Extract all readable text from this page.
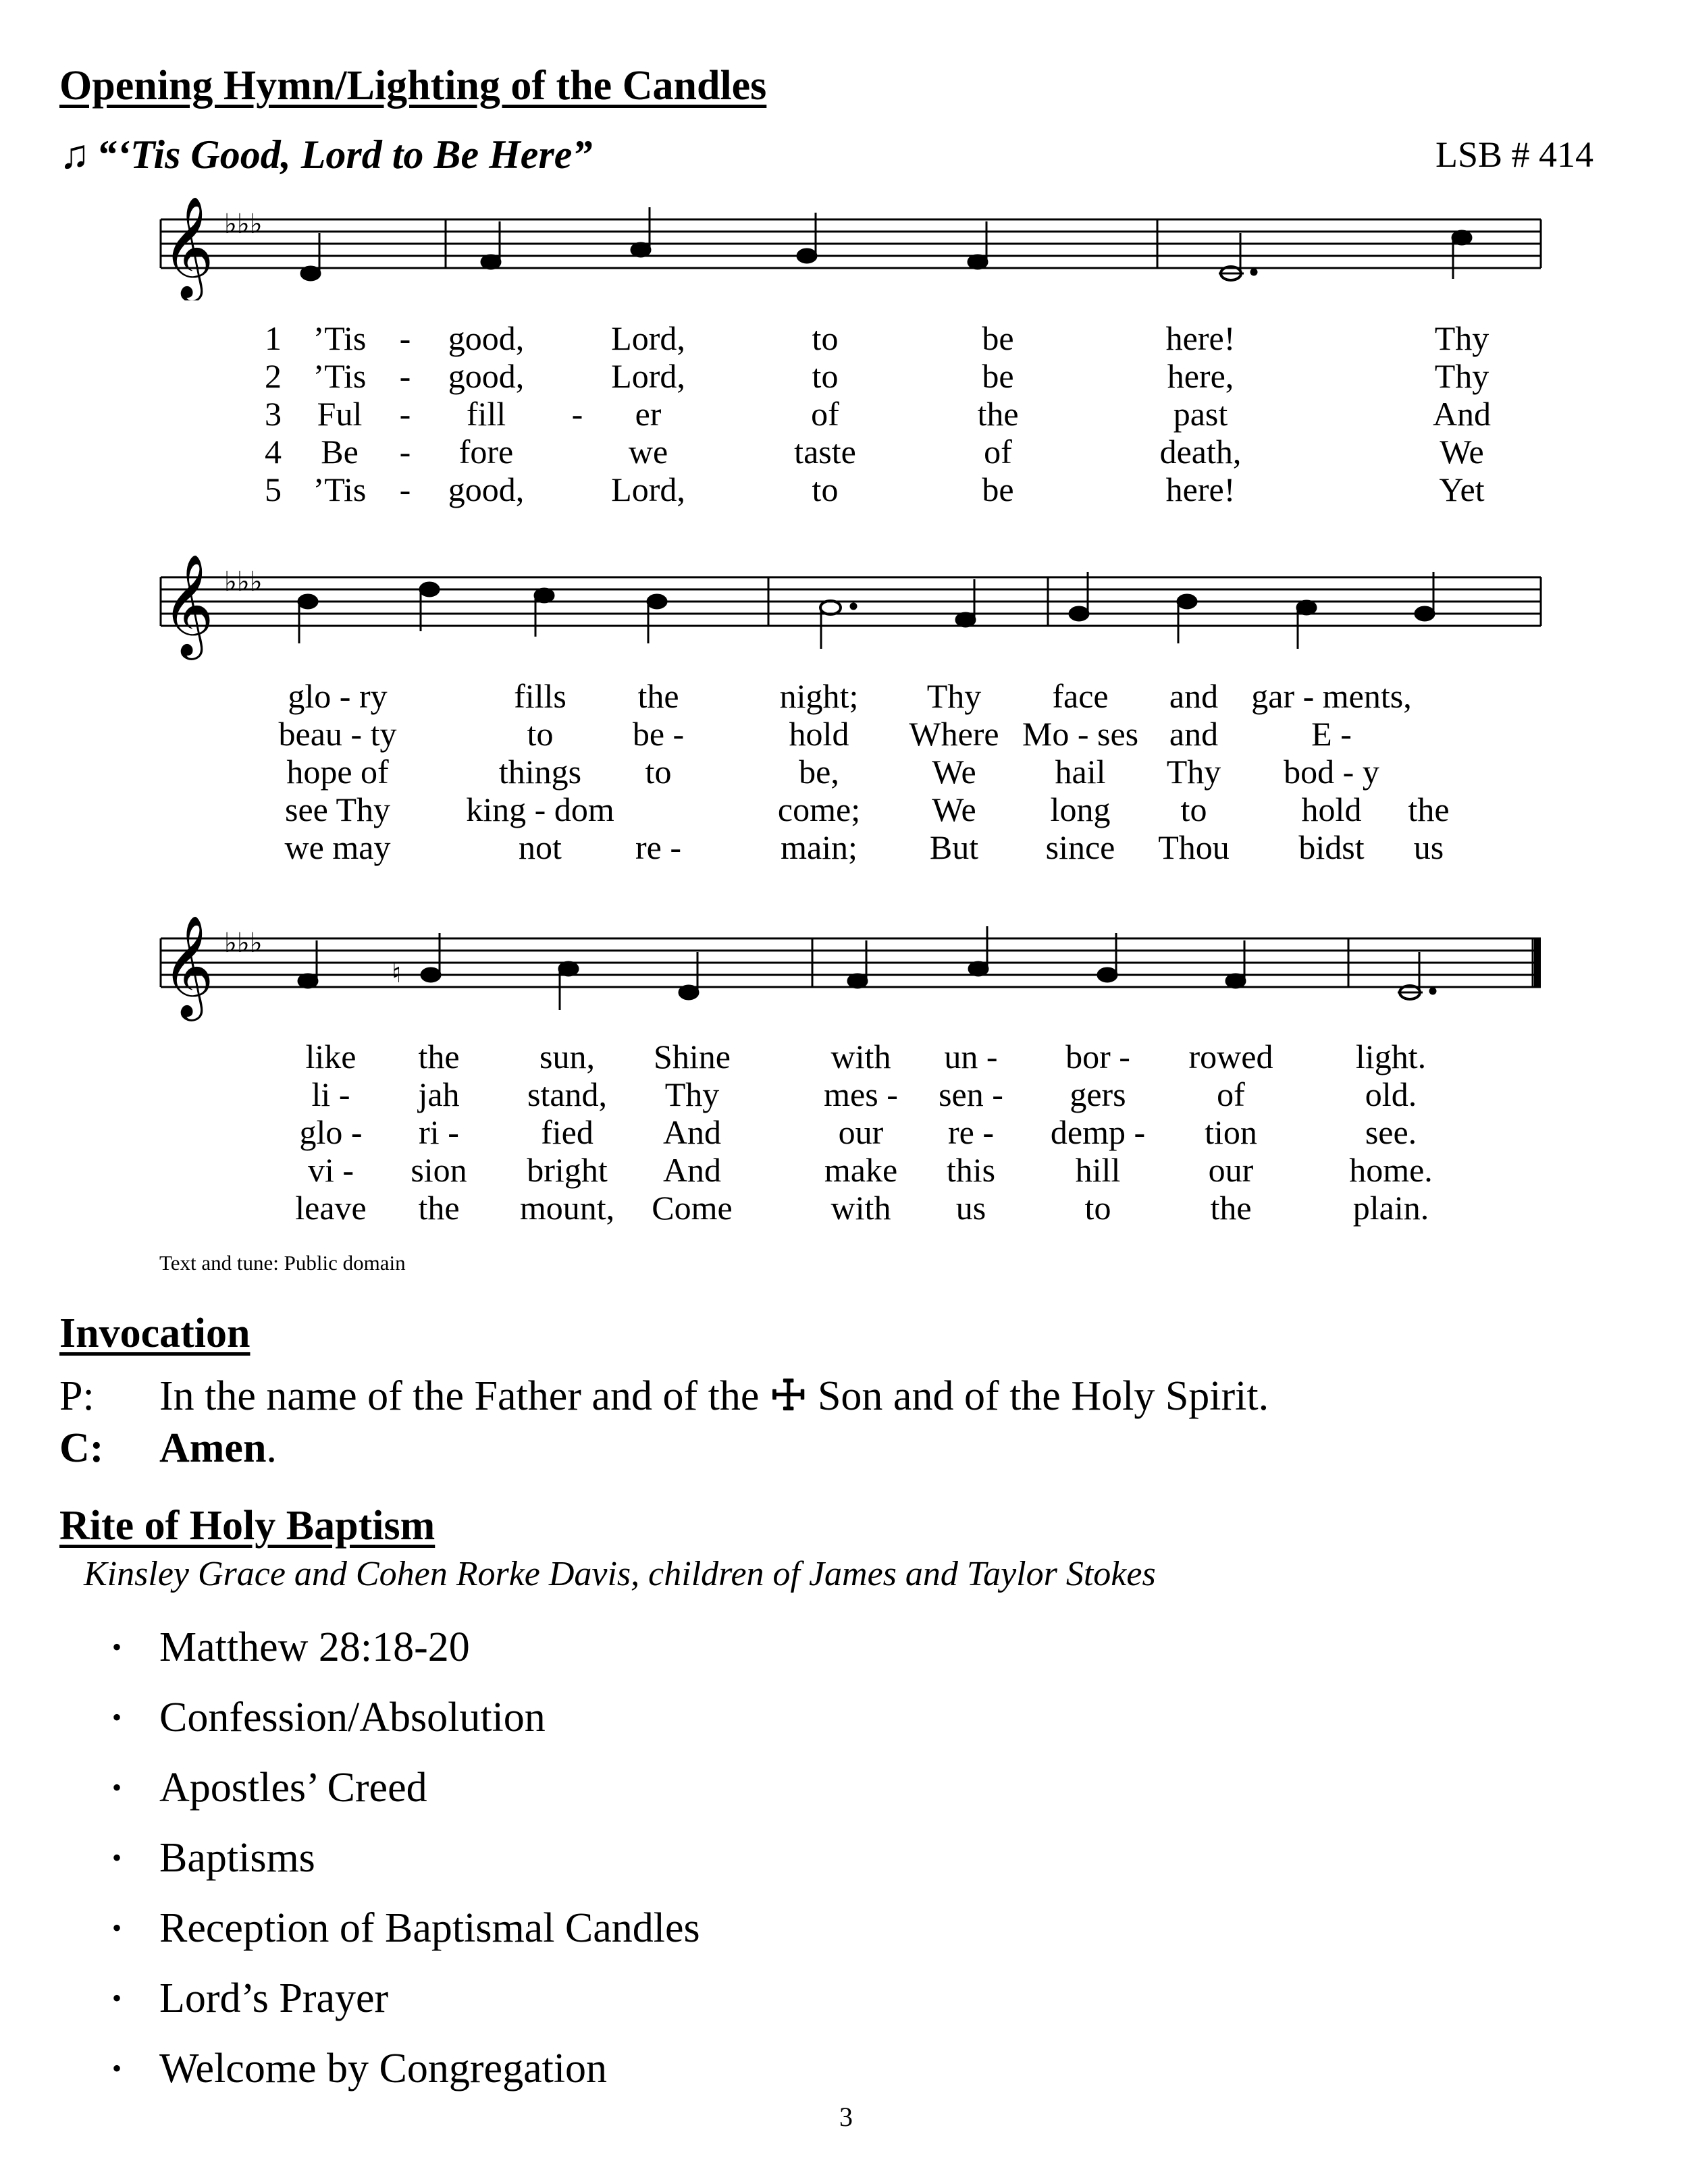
Opening Hymn/Lighting of the Candles
♫ “‘Tis Good, Lord to Be Here”	LSB # 414
𝄞 ♭♭♭
𝄞 ♭♭♭
𝄞 ♭♭♭
♮
1
2
3
4
5
’Tis
’Tis
Ful
Be
’Tis
-
-
-
-
-
good,
good,
fill
fore
good,
-
Lord,
Lord,
er
we
Lord,
to
to
of
taste
to
be
be
the
of
be
here!
here,
past
death,
here!
Thy
Thy
And
We
Yet
glo - ry
beau - ty
hope of
see Thy
we may
fills
to
things
king - dom
not
the
be -
to
re -
night;
hold
be,
come;
main;
Thy
Where
We
We
But
face
Mo - ses
hail
long
since
and
and
Thy
to
Thou
gar - ments,
E -
bod - y
hold
bidst
the
us
like
li -
glo -
vi -
leave
the
jah
ri -
sion
the
sun,
stand,
fied
bright
mount,
Shine
Thy
And
And
Come
with
mes -
our
make
with
un -
sen -
re -
this
us
bor -
gers
demp -
hill
to
rowed
of
tion
our
the
light.
old.
see.
home.
plain.
Text and tune: Public domain
Invocation
P: In the name of the Father and of the ☩ Son and of the Holy Spirit.
C: Amen.
Rite of Holy Baptism
Kinsley Grace and Cohen Rorke Davis, children of James and Taylor Stokes
• Matthew 28:18-20
• Confession/Absolution
• Apostles’ Creed
• Baptisms
• Reception of Baptismal Candles
• Lord’s Prayer
• Welcome by Congregation
3
